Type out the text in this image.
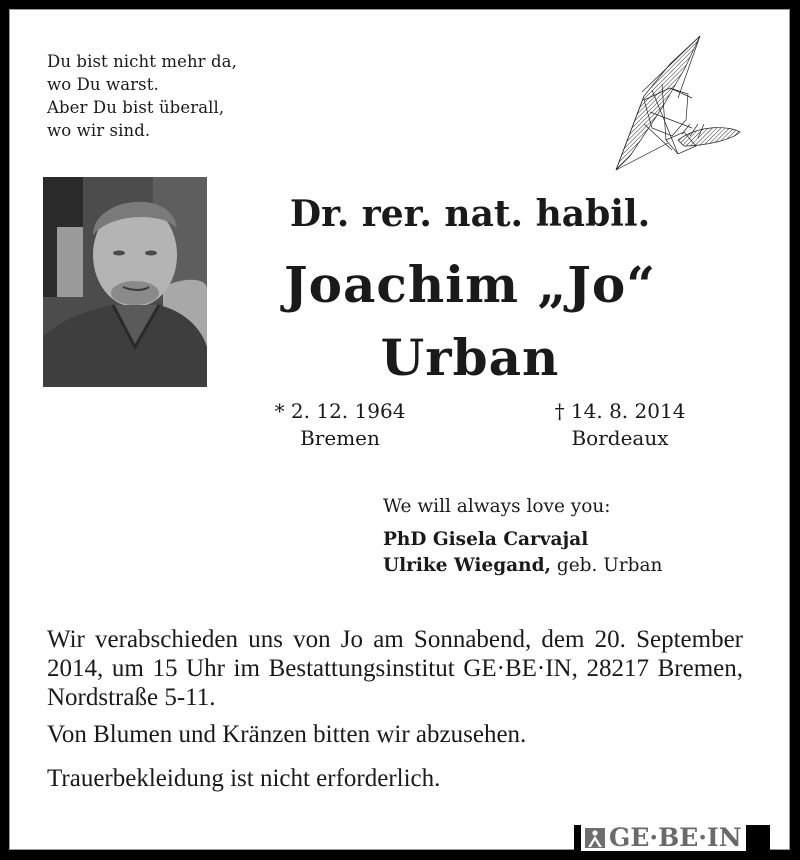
Du bist nicht mehr da,
wo Du warst.
Aber Du bist überall,
wo wir sind.
Dr. rer. nat. habil.
Joachim „Jo“
Urban
* 2. 12. 1964
Bremen
† 14. 8. 2014
Bordeaux
We will always love you:
PhD Gisela Carvajal
Ulrike Wiegand, geb. Urban
Wir verabschieden uns von Jo am Sonnabend, dem 20. September 2014, um 15 Uhr im Bestattungsinstitut GE·BE·IN, 28217 Bremen, Nordstraße 5-11.
Von Blumen und Kränzen bitten wir abzusehen.
Trauerbekleidung ist nicht erforderlich.
GE·BE·IN
